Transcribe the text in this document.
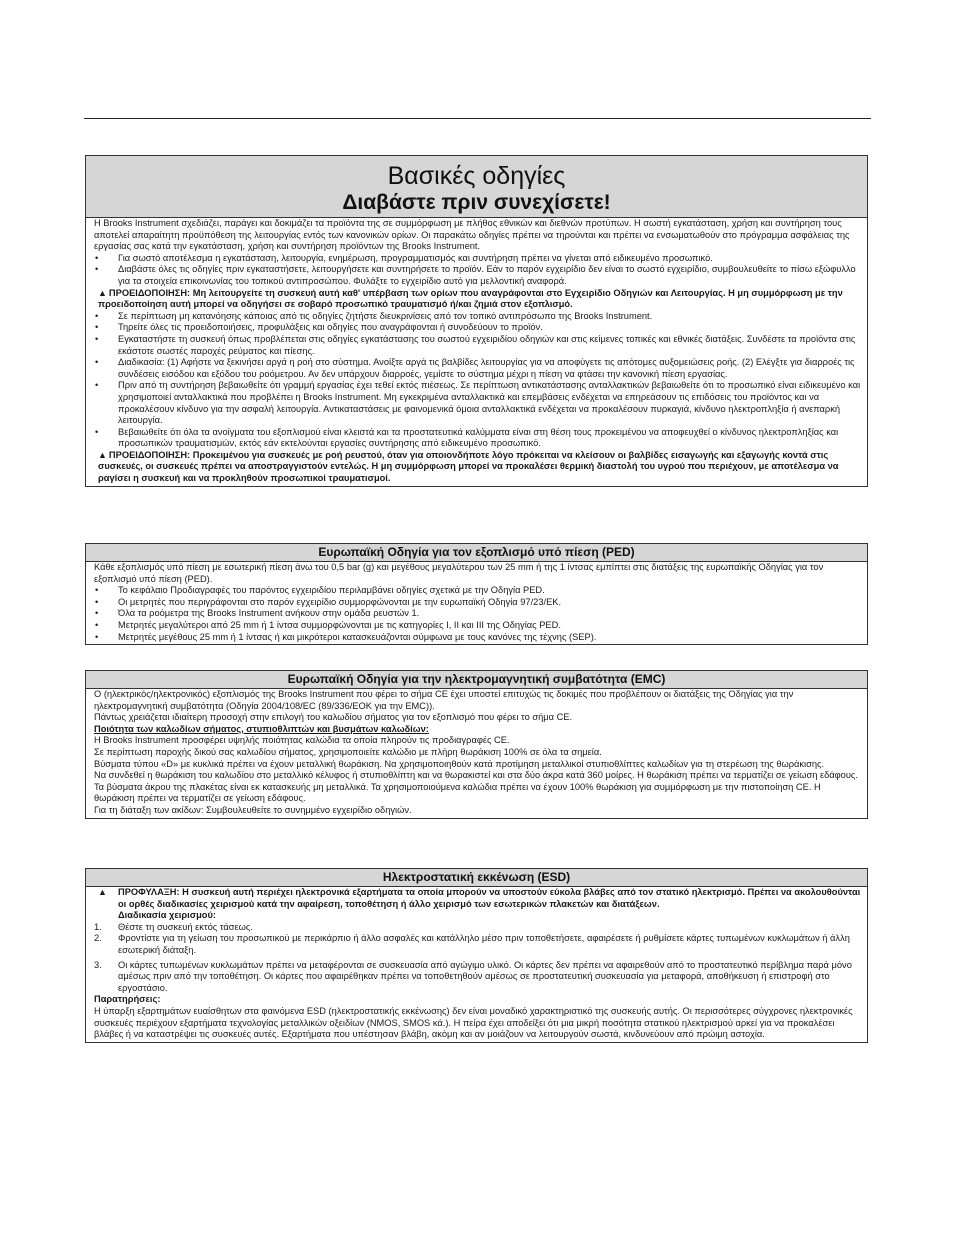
Βασικές οδηγίες
Διαβάστε πριν συνεχίσετε!

Η Brooks Instrument σχεδιάζει, παράγει και δοκιμάζει τα προϊόντα της σε συμμόρφωση με πλήθος εθνικών και διεθνών προτύπων. Η σωστή εγκατάσταση, χρήση και συντήρηση τους αποτελεί απαραίτητη προϋπόθεση της λειτουργίας εντός των κανονικών ορίων. Οι παρακάτω οδηγίες πρέπει να τηρούνται και πρέπει να ενσωματωθούν στο πρόγραμμα ασφάλειας της εργασίας σας κατά την εγκατάσταση, χρήση και συντήρηση προϊόντων της Brooks Instrument.

• Για σωστό αποτέλεσμα η εγκατάσταση, λειτουργία, ενημέρωση, προγραμματισμός και συντήρηση πρέπει να γίνεται από ειδικευμένο προσωπικό.

• Διαβάστε όλες τις οδηγίες πριν εγκαταστήσετε, λειτουργήσετε και συντηρήσετε το προϊόν. Εάν το παρόν εγχειρίδιο δεν είναι το σωστό εγχειρίδιο, συμβουλευθείτε το πίσω εξώφυλλο για τα στοιχεία επικοινωνίας του τοπικού αντιπροσώπου. Φυλάξτε το εγχειρίδιο αυτό για μελλοντική αναφορά.

▲ ΠΡΟΕΙΔΟΠΟΙΗΣΗ: Μη λειτουργείτε τη συσκευή αυτή καθ' υπέρβαση των ορίων που αναγράφονται στο Εγχειρίδιο Οδηγιών και Λειτουργίας. Η μη συμμόρφωση με την προειδοποίηση αυτή μπορεί να οδηγήσει σε σοβαρό προσωπικό τραυματισμό ή/και ζημιά στον εξοπλισμό.

• Σε περίπτωση μη κατανόησης κάποιας από τις οδηγίες ζητήστε διευκρινίσεις από τον τοπικό αντιπρόσωπο της Brooks Instrument.

• Τηρείτε όλες τις προειδοποιήσεις, προφυλάξεις και οδηγίες που αναγράφονται ή συνοδεύουν το προϊόν.

• Εγκαταστήστε τη συσκευή όπως προβλέπεται στις οδηγίες εγκατάστασης του σωστού εγχειριδίου οδηγιών και στις κείμενες τοπικές και εθνικές διατάξεις. Συνδέστε τα προϊόντα στις εκάστοτε σωστές παροχές ρεύματος και πίεσης.

• Διαδικασία: (1) Αφήστε να ξεκινήσει αργά η ροή στο σύστημα. Ανοίξτε αργά τις βαλβίδες λειτουργίας για να αποφύγετε τις απότομες αυξομειώσεις ροής. (2) Ελέγξτε για διαρροές τις συνδέσεις εισόδου και εξόδου του ροόμετρου. Αν δεν υπάρχουν διαρροές, γεμίστε το σύστημα μέχρι η πίεση να φτάσει την κανονική πίεση εργασίας.

• Πριν από τη συντήρηση βεβαιωθείτε ότι γραμμή εργασίας έχει τεθεί εκτός πιέσεως. Σε περίπτωση αντικατάστασης ανταλλακτικών βεβαιωθείτε ότι το προσωπικό είναι ειδικευμένο και χρησιμοποιεί ανταλλακτικά που προβλέπει η Brooks Instrument. Μη εγκεκριμένα ανταλλακτικά και επεμβάσεις ενδέχεται να επηρεάσουν τις επιδόσεις του προϊόντος και να προκαλέσουν κίνδυνο για την ασφαλή λειτουργία. Αντικαταστάσεις με φαινομενικά όμοια ανταλλακτικά ενδέχεται να προκαλέσουν πυρκαγιά, κίνδυνο ηλεκτροπληξία ή ανεπαρκή λειτουργία.

• Βεβαιωθείτε ότι όλα τα ανοίγματα του εξοπλισμού είναι κλειστά και τα προστατευτικά καλύμματα είναι στη θέση τους προκειμένου να αποφευχθεί ο κίνδυνος ηλεκτροπληξίας και προσωπικών τραυματισμών, εκτός εάν εκτελούνται εργασίες συντήρησης από ειδικευμένο προσωπικό.

▲ ΠΡΟΕΙΔΟΠΟΙΗΣΗ: Προκειμένου για συσκευές με ροή ρευστού, όταν για οποιονδήποτε λόγο πρόκειται να κλείσουν οι βαλβίδες εισαγωγής και εξαγωγής κοντά στις συσκευές, οι συσκευές πρέπει να αποστραγγιστούν εντελώς. Η μη συμμόρφωση μπορεί να προκαλέσει θερμική διαστολή του υγρού που περιέχουν, με αποτέλεσμα να ραγίσει η συσκευή και να προκληθούν προσωπικοί τραυματισμοί.

Ευρωπαϊκή Οδηγία για τον εξοπλισμό υπό πίεση (PED)

Κάθε εξοπλισμός υπό πίεση με εσωτερική πίεση άνω του 0,5 bar (g) και μεγέθους μεγαλύτερου των 25 mm ή της 1 ίντσας εμπίπτει στις διατάξεις της ευρωπαϊκής Οδηγίας για τον εξοπλισμό υπό πίεση (PED).

• Το κεφάλαιο Προδιαγραφές του παρόντος εγχειριδίου περιλαμβάνει οδηγίες σχετικά με την Οδηγία PED.

• Οι μετρητές που περιγράφονται στο παρόν εγχειρίδιο συμμορφώνονται με την ευρωπαϊκή Οδηγία 97/23/ΕΚ.

• Όλα τα ροόμετρα της Brooks Instrument ανήκουν στην ομάδα ρευστών 1.

• Μετρητές μεγαλύτεροι από 25 mm ή 1 ίντσα συμμορφώνονται με τις κατηγορίες I, II και III της Οδηγίας PED.

• Μετρητές μεγέθους 25 mm ή 1 ίντσας ή και μικρότεροι κατασκευάζονται σύμφωνα με τους κανόνες της τέχνης (SEP).

Ευρωπαϊκή Οδηγία για την ηλεκτρομαγνητική συμβατότητα (EMC)

Ο (ηλεκτρικός/ηλεκτρονικός) εξοπλισμός της Brooks Instrument που φέρει το σήμα CE έχει υποστεί επιτυχώς τις δοκιμές που προβλέπουν οι διατάξεις της Οδηγίας για την ηλεκτρομαγνητική συμβατότητα (Οδηγία 2004/108/EC (89/336/EOK για την EMC)).

Πάντως χρειάζεται ιδιαίτερη προσοχή στην επιλογή του καλωδίου σήματος για τον εξοπλισμό που φέρει το σήμα CE.

Ποιότητα των καλωδίων σήματος, στυπιοθλιπτών και βυσμάτων καλωδίων:

Η Brooks Instrument προσφέρει υψηλής ποιότητας καλώδια τα οποία πληρούν τις προδιαγραφές CE.

Σε περίπτωση παροχής δικού σας καλωδίου σήματος, χρησιμοποιείτε καλώδιο με πλήρη θωράκιση 100% σε όλα τα σημεία.

Βύσματα τύπου «D» με κυκλικά πρέπει να έχουν μεταλλική θωράκιση. Να χρησιμοποιηθούν κατά προτίμηση μεταλλικοί στυπιοθλίπτες καλωδίων για τη στερέωση της θωράκισης.

Να συνδεθεί η θωράκιση του καλωδίου στο μεταλλικό κέλυφος ή στυπιοθλίπτη και να θωρακιστεί και στα δύο άκρα κατά 360 μοίρες. Η θωράκιση πρέπει να τερματίζει σε γείωση εδάφους.

Τα βύσματα άκρου της πλακέτας είναι εκ κατασκευής μη μεταλλικά. Τα χρησιμοποιούμενα καλώδια πρέπει να έχουν 100% θωράκιση για συμμόρφωση με την πιστοποίηση CE. Η θωράκιση πρέπει να τερματίζει σε γείωση εδάφους.

Για τη διάταξη των ακίδων: Συμβουλευθείτε το συνημμένο εγχειρίδιο οδηγιών.

Ηλεκτροστατική εκκένωση (ESD)

▲ ΠΡΟΦΥΛΑΞΗ: Η συσκευή αυτή περιέχει ηλεκτρονικά εξαρτήματα τα οποία μπορούν να υποστούν εύκολα βλάβες από τον στατικό ηλεκτρισμό. Πρέπει να ακολουθούνται οι ορθές διαδικασίες χειρισμού κατά την αφαίρεση, τοποθέτηση ή άλλο χειρισμό των εσωτερικών πλακετών και διατάξεων.

Διαδικασία χειρισμού:

1. Θέστε τη συσκευή εκτός τάσεως.

2. Φροντίστε για τη γείωση του προσωπικού με περικάρπιο ή άλλο ασφαλές και κατάλληλο μέσο πριν τοποθετήσετε, αφαιρέσετε ή ρυθμίσετε κάρτες τυπωμένων κυκλωμάτων ή άλλη εσωτερική διάταξη.

3. Οι κάρτες τυπωμένων κυκλωμάτων πρέπει να μεταφέρονται σε συσκευασία από αγώγιμο υλικό. Οι κάρτες δεν πρέπει να αφαιρεθούν από το προστατευτικό περίβλημα παρά μόνο αμέσως πριν από την τοποθέτηση. Οι κάρτες που αφαιρέθηκαν πρέπει να τοποθετηθούν αμέσως σε προστατευτική συσκευασία για μεταφορά, αποθήκευση ή επιστροφή στο εργοστάσιο.

Παρατηρήσεις:

Η ύπαρξη εξαρτημάτων ευαίσθητων στα φαινόμενα ESD (ηλεκτροστατικής εκκένωσης) δεν είναι μοναδικό χαρακτηριστικό της συσκευής αυτής. Οι περισσότερες σύγχρονες ηλεκτρονικές συσκευές περιέχουν εξαρτήματα τεχνολογίας μεταλλικών οξειδίων (NMOS, SMOS κά.). Η πείρα έχει αποδείξει ότι μια μικρή ποσότητα στατικού ηλεκτρισμού αρκεί για να προκαλέσει βλάβες ή να καταστρέψει τις συσκευές αυτές. Εξαρτήματα που υπέστησαν βλάβη, ακόμη και αν μοιάζουν να λειτουργούν σωστά, κινδυνεύουν από πρώιμη αστοχία.
